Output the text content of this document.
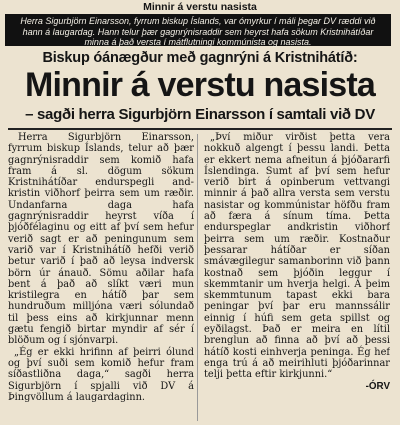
Minnir á verstu nasista
Herra Sigurbjörn Einarsson, fyrrum biskup Íslands, var ómyrkur í máli þegar DV ræddi við hann á laugardag. Hann telur þær gagnrýnisraddir sem heyrst hafa sökum Kristnihátíðar minna á það versta í mátflutningi kommúnista og nasista.
Biskup óánægður með gagnrýni á Kristnihátíð:
Minnir á verstu nasista
– sagði herra Sigurbjörn Einarsson í samtali við DV

Herra Sigurbjörn Einarsson, fyrrum biskup Íslands, telur að þær gagnrýnisraddir sem komið hafa fram á sl. dögum sökum Kristnihátíðar endurspegli and-kristin viðhorf þeirra sem um ræðir. Undanfarna daga hafa gagnrýnisraddir heyrst víða í þjóðfélaginu og eitt af því sem hefur verið sagt er að peningunum sem varið var í Kristnihátíð hefði verið betur varið í það að leysa indversk börn úr ánauð. Sömu aðilar hafa bent á það að slíkt væri mun kristilegra en hátíð þar sem hundruðum milljóna væri sólundað til þess eins að kirkjunnar menn gætu fengið birtar myndir af sér í blöðum og í sjónvarpi.

„Ég er ekki hrifinn af þeirri ólund og því suði sem komið hefur fram síðastliðna daga,“ sagði herra Sigurbjörn í spjalli við DV á Þingvöllum á laugardaginn.

„Því miður virðist þetta vera nokkuð algengt í þessu landi. Þetta er ekkert nema afneitun á þjóðararfi Íslendinga. Sumt af því sem hefur verið birt á opinberum vettvangi minnir á það allra versta sem verstu nasistar og kommúnistar höfðu fram að færa á sínum tíma. Þetta endurspeglar andkristin viðhorf þeirra sem um ræðir. Kostnaður þessarar hátíðar er síðan smávægilegur samanborinn við þann kostnað sem þjóðin leggur í skemmtanir um hverja helgi. Á þeim skemmtunum tapast ekki bara peningar því þar eru mannssálir einnig í húfi sem geta spillst og eyðilagst. Það er meira en lítil brenglun að finna að því að þessi hátíð kosti einhverja peninga. Ég hef enga trú á að meirihluti þjóðarinnar telji þetta eftir kirkjunni.“

-ÓRV
